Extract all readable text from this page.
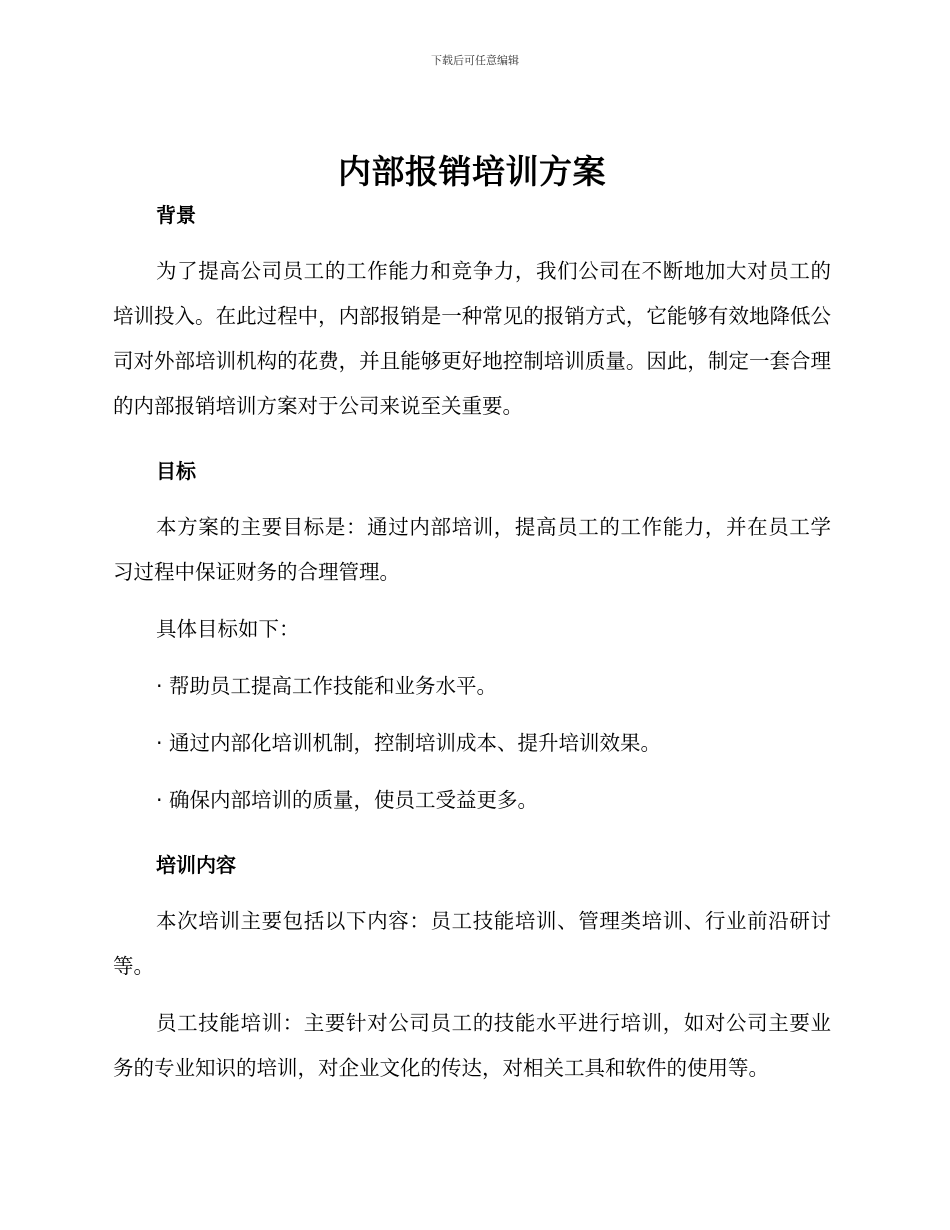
下载后可任意编辑
内部报销培训方案
背景

为了提高公司员工的工作能力和竞争力，我们公司在不断地加大对员工的培训投入。在此过程中，内部报销是一种常见的报销方式，它能够有效地降低公司对外部培训机构的花费，并且能够更好地控制培训质量。因此，制定一套合理的内部报销培训方案对于公司来说至关重要。

目标

本方案的主要目标是：通过内部培训，提高员工的工作能力，并在员工学习过程中保证财务的合理管理。

具体目标如下：

· 帮助员工提高工作技能和业务水平。

· 通过内部化培训机制，控制培训成本、提升培训效果。

· 确保内部培训的质量，使员工受益更多。

培训内容

本次培训主要包括以下内容：员工技能培训、管理类培训、行业前沿研讨等。

员工技能培训：主要针对公司员工的技能水平进行培训，如对公司主要业务的专业知识的培训，对企业文化的传达，对相关工具和软件的使用等。
